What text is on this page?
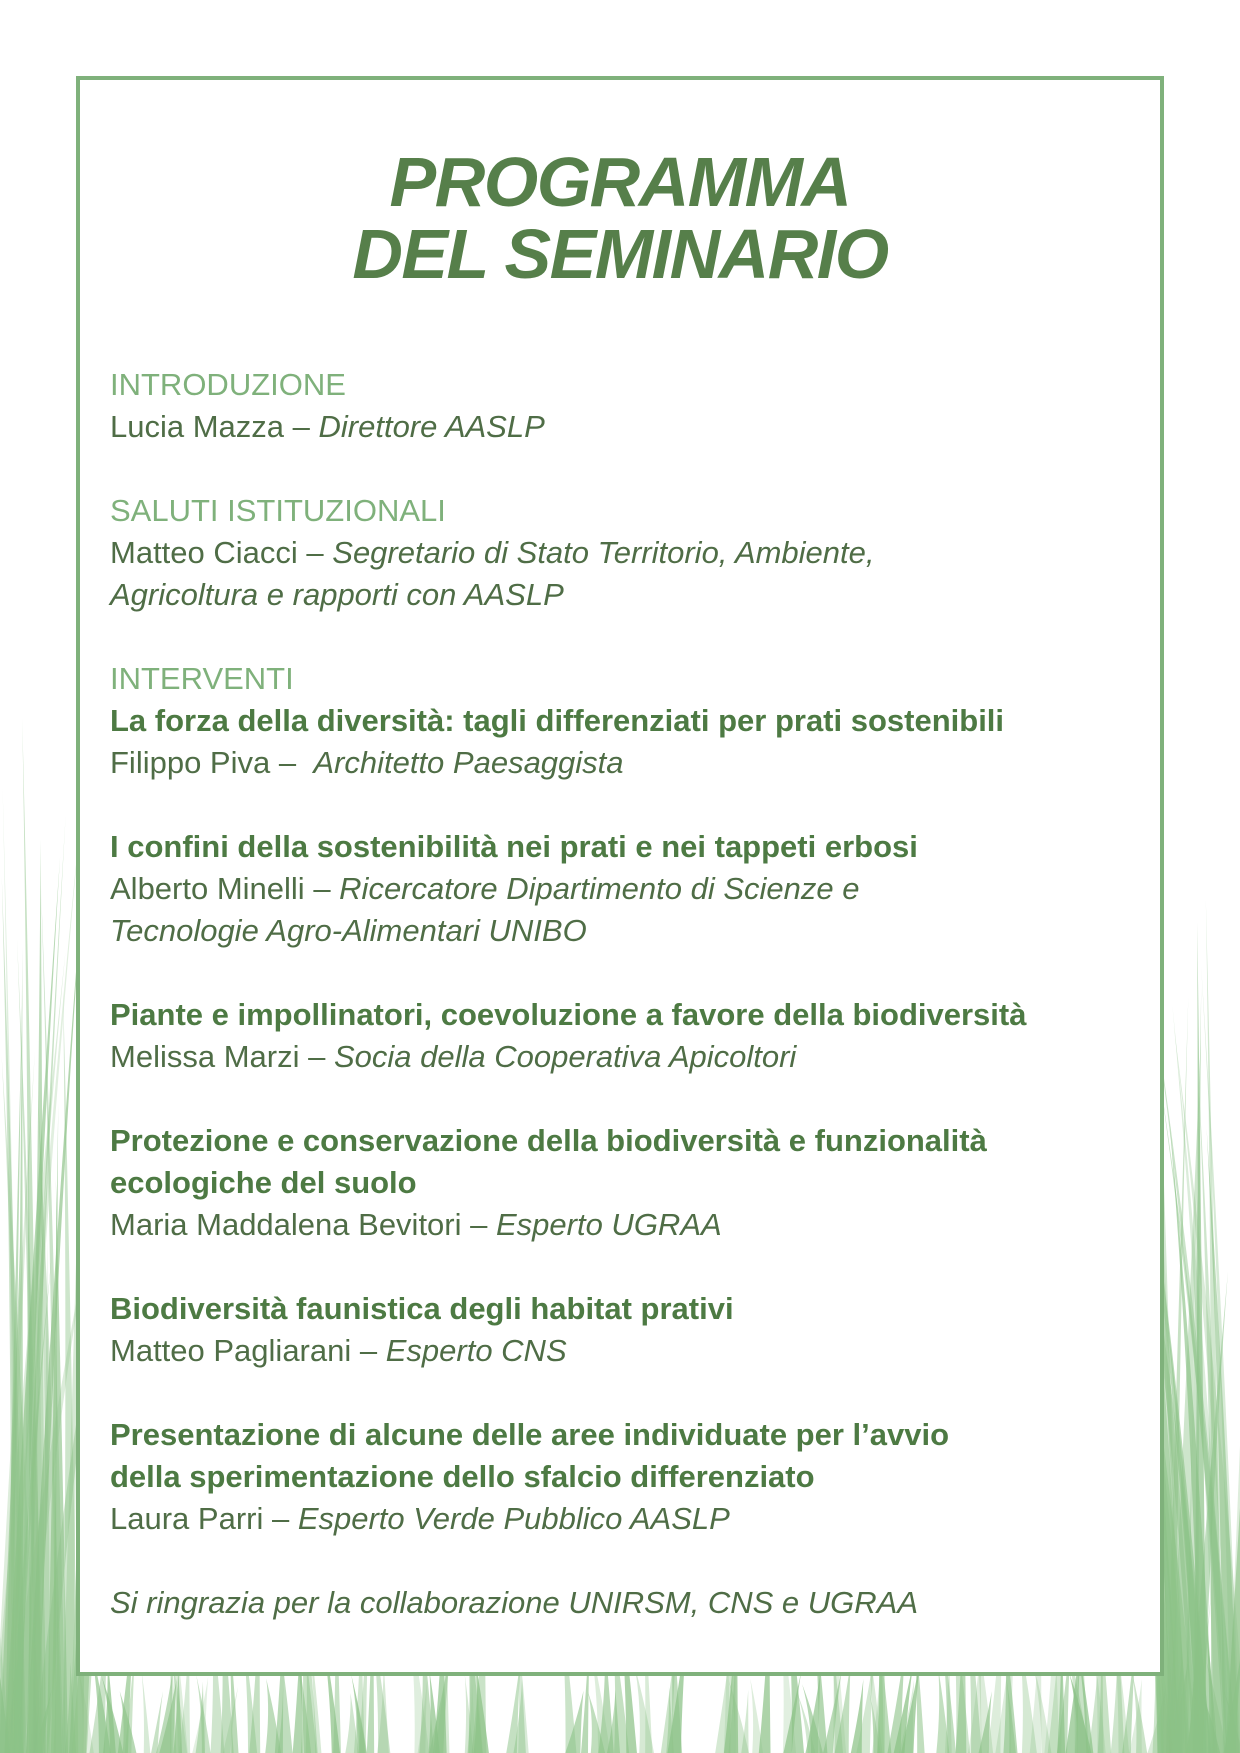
PROGRAMMA
DEL SEMINARIO
INTRODUZIONE
Lucia Mazza – Direttore AASLP
SALUTI ISTITUZIONALI
Matteo Ciacci – Segretario di Stato Territorio, Ambiente,
Agricoltura e rapporti con AASLP
INTERVENTI
La forza della diversità: tagli differenziati per prati sostenibili
Filippo Piva –  Architetto Paesaggista
I confini della sostenibilità nei prati e nei tappeti erbosi
Alberto Minelli – Ricercatore Dipartimento di Scienze e
Tecnologie Agro-Alimentari UNIBO
Piante e impollinatori, coevoluzione a favore della biodiversità
Melissa Marzi – Socia della Cooperativa Apicoltori
Protezione e conservazione della biodiversità e funzionalità
ecologiche del suolo
Maria Maddalena Bevitori – Esperto UGRAA
Biodiversità faunistica degli habitat prativi
Matteo Pagliarani – Esperto CNS
Presentazione di alcune delle aree individuate per l’avvio
della sperimentazione dello sfalcio differenziato
Laura Parri – Esperto Verde Pubblico AASLP
Si ringrazia per la collaborazione UNIRSM, CNS e UGRAA
